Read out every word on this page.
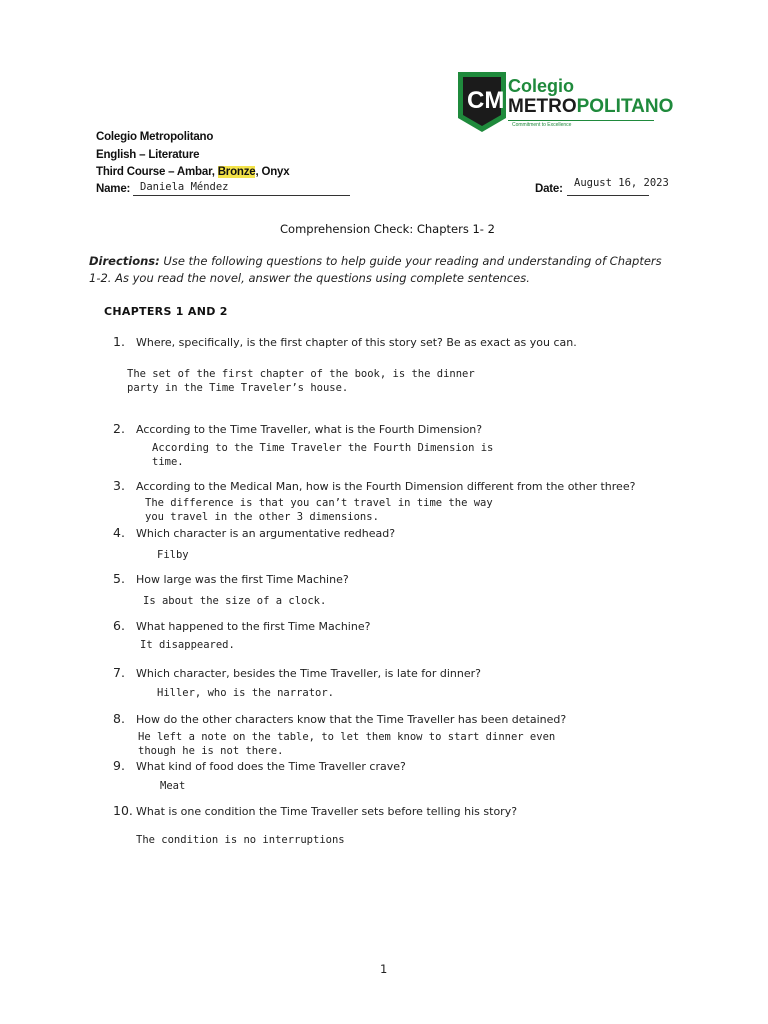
CM
Colegio
METROPOLITANO
Commitment to Excellence
Colegio Metropolitano
English – Literature
Third Course – Ambar, Bronze, Onyx
Name: Daniela Méndez	Date: August 16, 2023
Comprehension Check: Chapters 1- 2
Directions: Use the following questions to help guide your reading and understanding of Chapters 1-2. As you read the novel, answer the questions using complete sentences.
CHAPTERS 1 AND 2
1.	Where, specifically, is the first chapter of this story set? Be as exact as you can.
The set of the first chapter of the book, is the dinner
party in the Time Traveler’s house.
2.	According to the Time Traveller, what is the Fourth Dimension?
According to the Time Traveler the Fourth Dimension is
time.
3.	According to the Medical Man, how is the Fourth Dimension different from the other three?
The difference is that you can’t travel in time the way
you travel in the other 3 dimensions.
4.	Which character is an argumentative redhead?
Filby
5.	How large was the first Time Machine?
Is about the size of a clock.
6.	What happened to the first Time Machine?
It disappeared.
7.	Which character, besides the Time Traveller, is late for dinner?
Hiller, who is the narrator.
8.	How do the other characters know that the Time Traveller has been detained?
He left a note on the table, to let them know to start dinner even
though he is not there.
9.	What kind of food does the Time Traveller crave?
Meat
10. What is one condition the Time Traveller sets before telling his story?
The condition is no interruptions
1
